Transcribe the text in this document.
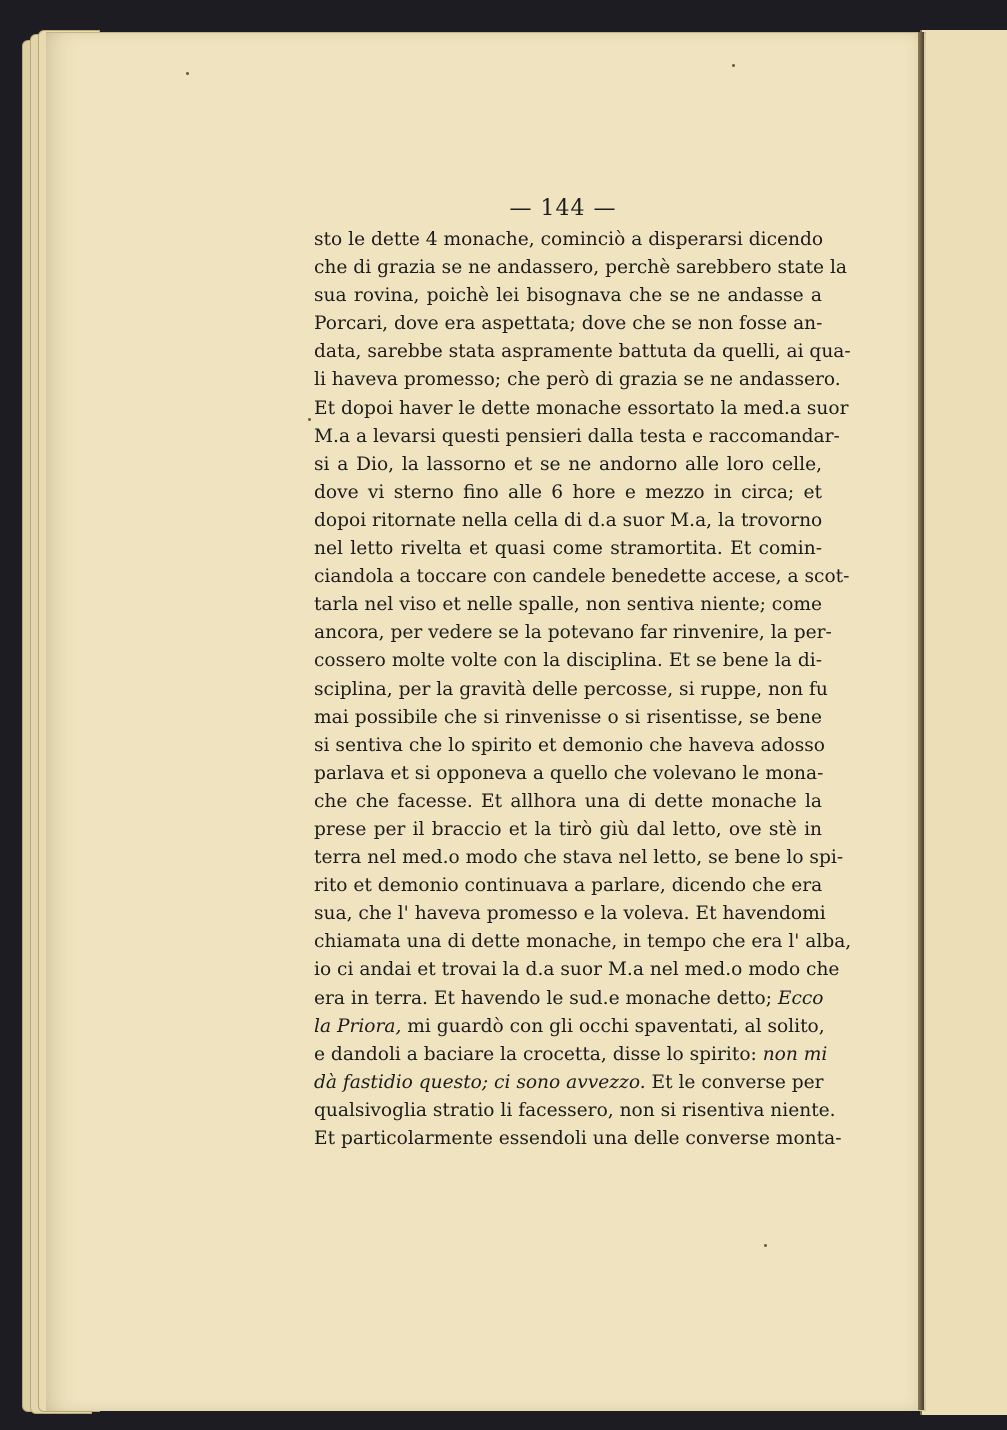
— 144 —
sto le dette 4 monache, cominciò a disperarsi dicendo
che di grazia se ne andassero, perchè sarebbero state la
sua rovina, poichè lei bisognava che se ne andasse a
Porcari, dove era aspettata; dove che se non fosse an-
data, sarebbe stata aspramente battuta da quelli, ai qua-
li haveva promesso; che però di grazia se ne andassero.
Et dopoi haver le dette monache essortato la med.a suor
M.a a levarsi questi pensieri dalla testa e raccomandar-
si a Dio, la lassorno et se ne andorno alle loro celle,
dove vi sterno fino alle 6 hore e mezzo in circa; et
dopoi ritornate nella cella di d.a suor M.a, la trovorno
nel letto rivelta et quasi come stramortita. Et comin-
ciandola a toccare con candele benedette accese, a scot-
tarla nel viso et nelle spalle, non sentiva niente; come
ancora, per vedere se la potevano far rinvenire, la per-
cossero molte volte con la disciplina. Et se bene la di-
sciplina, per la gravità delle percosse, si ruppe, non fu
mai possibile che si rinvenisse o si risentisse, se bene
si sentiva che lo spirito et demonio che haveva adosso
parlava et si opponeva a quello che volevano le mona-
che che facesse. Et allhora una di dette monache la
prese per il braccio et la tirò giù dal letto, ove stè in
terra nel med.o modo che stava nel letto, se bene lo spi-
rito et demonio continuava a parlare, dicendo che era
sua, che l' haveva promesso e la voleva. Et havendomi
chiamata una di dette monache, in tempo che era l' alba,
io ci andai et trovai la d.a suor M.a nel med.o modo che
era in terra. Et havendo le sud.e monache detto; Ecco
la Priora, mi guardò con gli occhi spaventati, al solito,
e dandoli a baciare la crocetta, disse lo spirito: non mi
dà fastidio questo; ci sono avvezzo. Et le converse per
qualsivoglia stratio li facessero, non si risentiva niente.
Et particolarmente essendoli una delle converse monta-
